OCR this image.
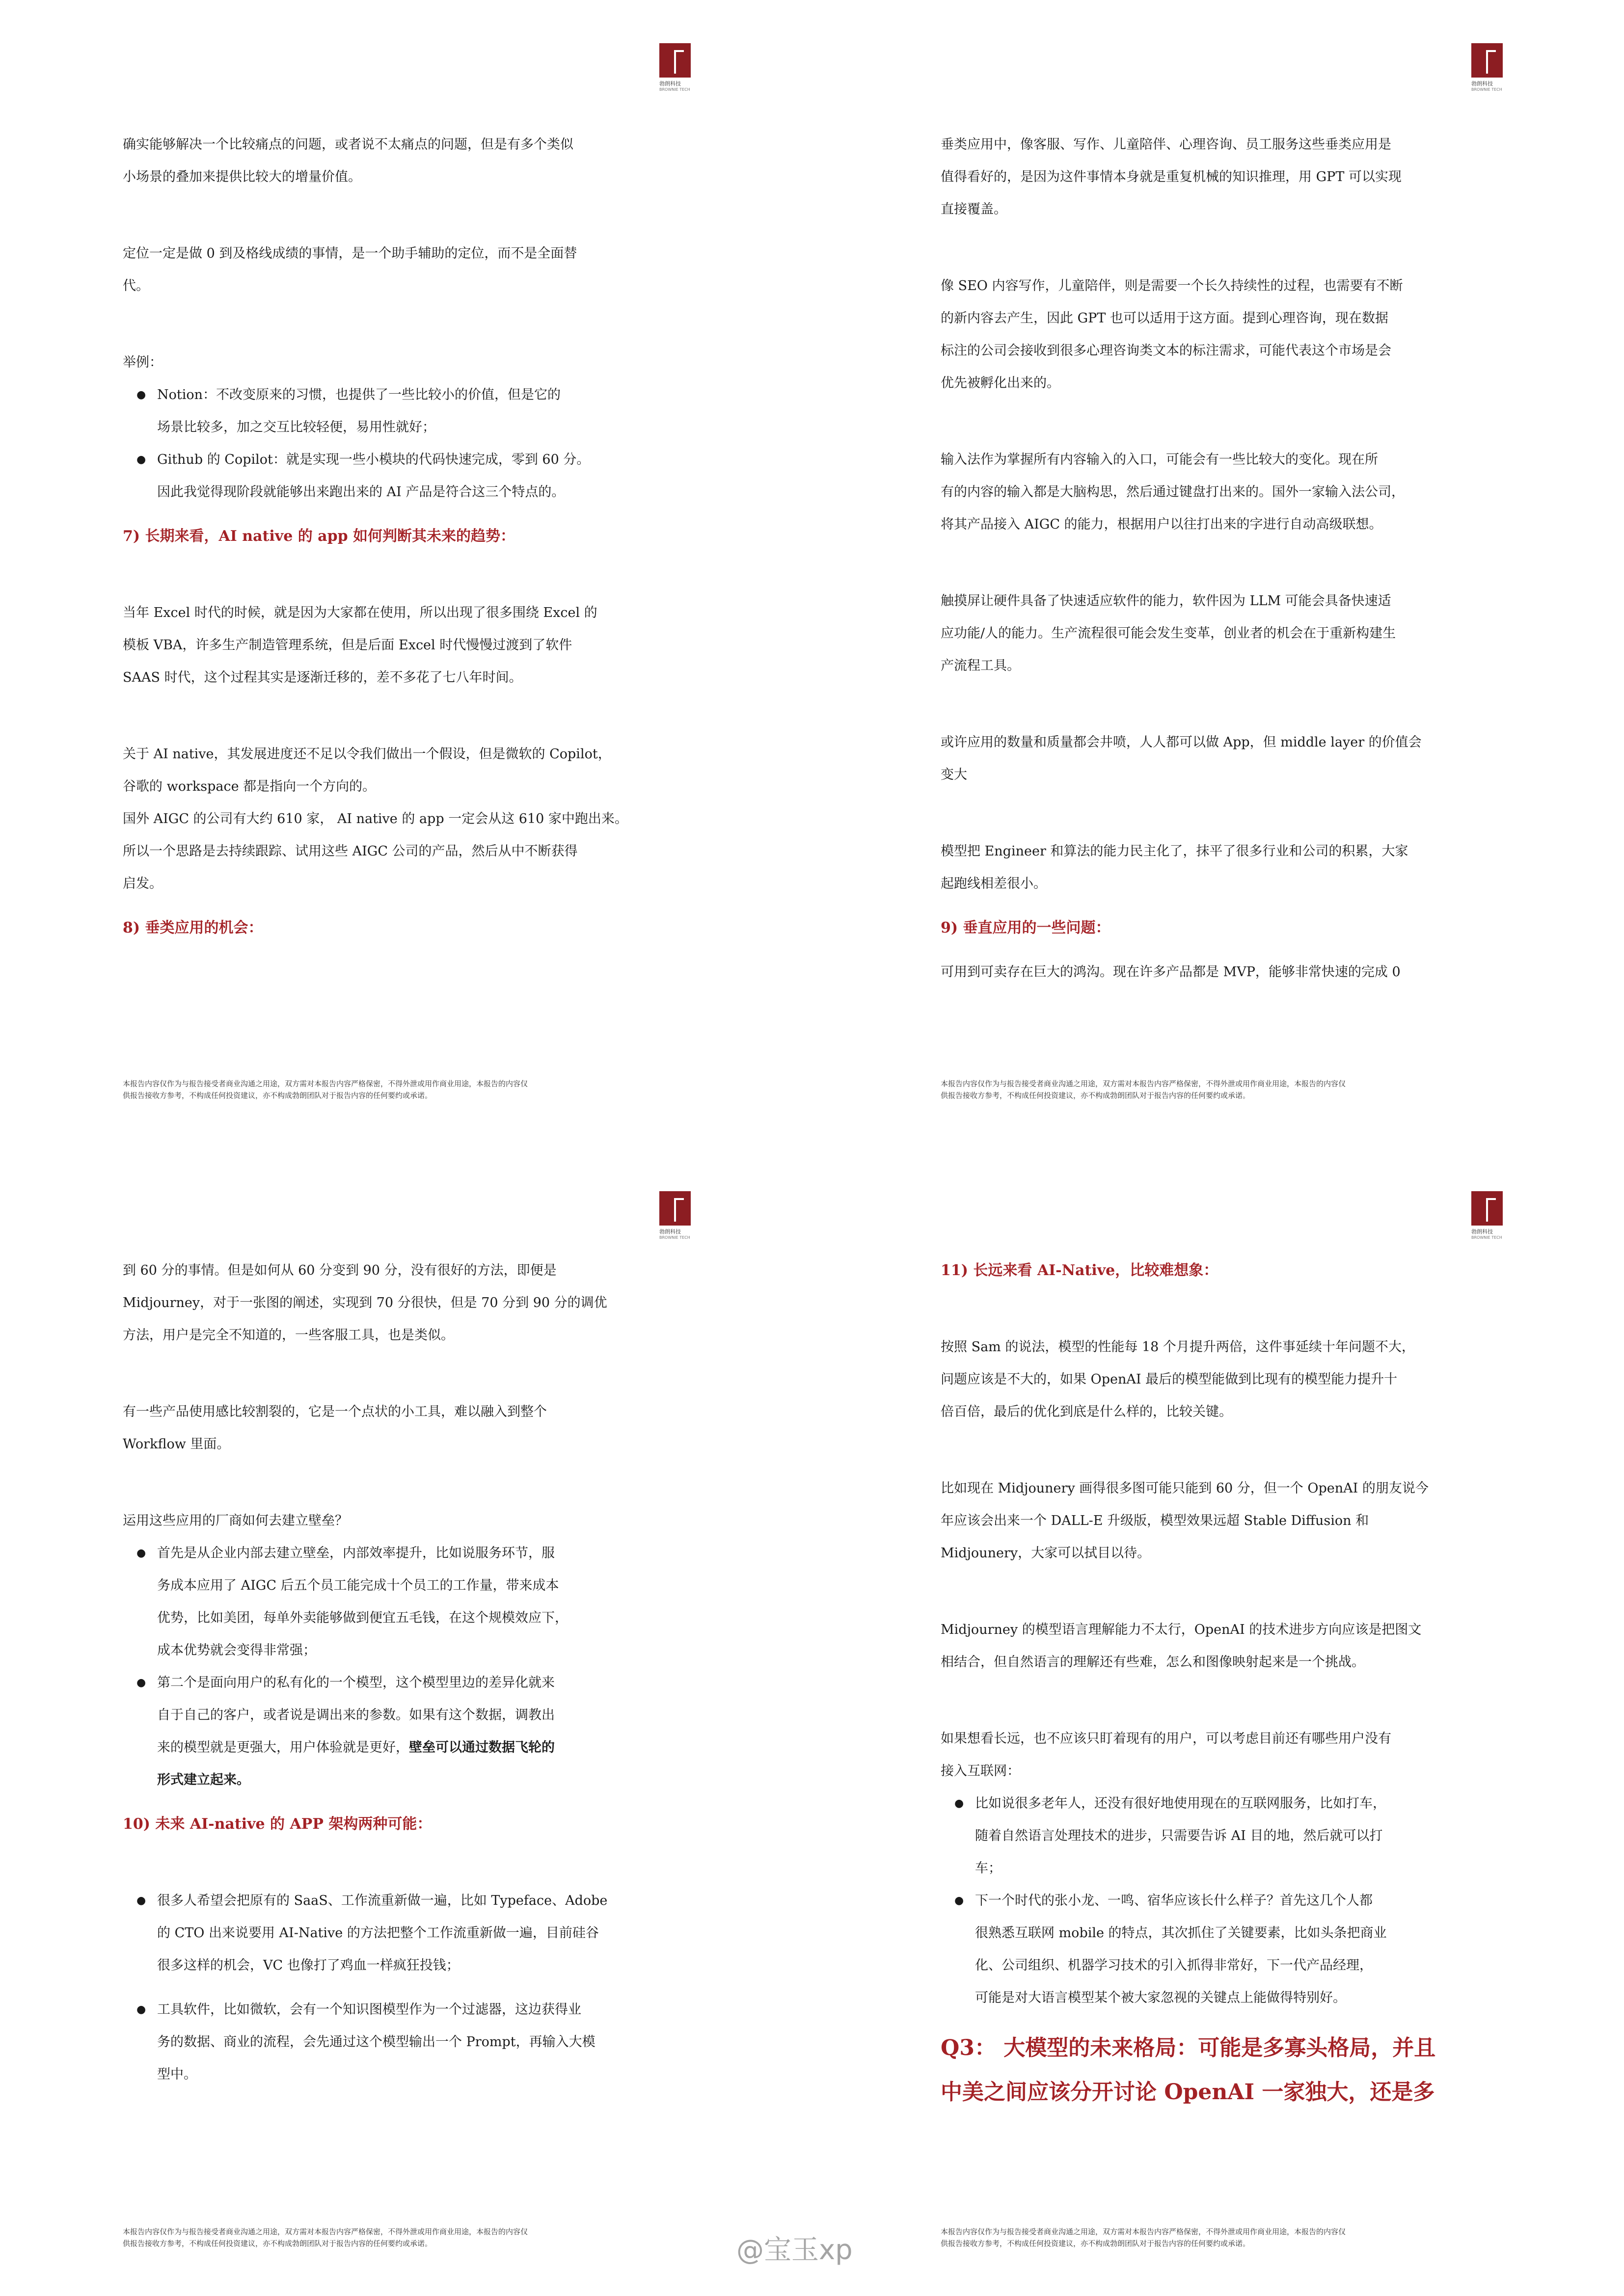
勃朗科技
BROWNIE TECH

确实能够解决一个比较痛点的问题，或者说不太痛点的问题，但是有多个类似

小场景的叠加来提供比较大的增量价值。

定位一定是做 0 到及格线成绩的事情，是一个助手辅助的定位，而不是全面替

代。

举例：

● Notion：不改变原来的习惯，也提供了一些比较小的价值，但是它的
场景比较多，加之交互比较轻便，易用性就好；
● Github 的 Copilot：就是实现一些小模块的代码快速完成，零到 60 分。
因此我觉得现阶段就能够出来跑出来的 AI 产品是符合这三个特点的。

7) 长期来看，AI native 的 app 如何判断其未来的趋势：

当年 Excel 时代的时候，就是因为大家都在使用，所以出现了很多围绕 Excel 的

模板 VBA，许多生产制造管理系统，但是后面 Excel 时代慢慢过渡到了软件

SAAS 时代，这个过程其实是逐渐迁移的，差不多花了七八年时间。

关于 AI native，其发展进度还不足以令我们做出一个假设，但是微软的 Copilot，

谷歌的 workspace 都是指向一个方向的。

国外 AIGC 的公司有大约 610 家， AI native 的 app 一定会从这 610 家中跑出来。

所以一个思路是去持续跟踪、试用这些 AIGC 公司的产品，然后从中不断获得

启发。

8) 垂类应用的机会：

本报告内容仅作为与报告接受者商业沟通之用途，双方需对本报告内容严格保密，不得外泄或用作商业用途，本报告的内容仅
供报告接收方参考，不构成任何投资建议，亦不构成勃朗团队对于报告内容的任何要约或承诺。
勃朗科技
BROWNIE TECH

垂类应用中，像客服、写作、儿童陪伴、心理咨询、员工服务这些垂类应用是

值得看好的，是因为这件事情本身就是重复机械的知识推理，用 GPT 可以实现

直接覆盖。

像 SEO 内容写作，儿童陪伴，则是需要一个长久持续性的过程，也需要有不断

的新内容去产生，因此 GPT 也可以适用于这方面。提到心理咨询，现在数据

标注的公司会接收到很多心理咨询类文本的标注需求，可能代表这个市场是会

优先被孵化出来的。

输入法作为掌握所有内容输入的入口，可能会有一些比较大的变化。现在所

有的内容的输入都是大脑构思，然后通过键盘打出来的。国外一家输入法公司，

将其产品接入 AIGC 的能力，根据用户以往打出来的字进行自动高级联想。

触摸屏让硬件具备了快速适应软件的能力，软件因为 LLM 可能会具备快速适

应功能/人的能力。生产流程很可能会发生变革，创业者的机会在于重新构建生

产流程工具。

或许应用的数量和质量都会井喷，人人都可以做 App，但 middle layer 的价值会

变大

模型把 Engineer 和算法的能力民主化了，抹平了很多行业和公司的积累，大家

起跑线相差很小。

9) 垂直应用的一些问题：

可用到可卖存在巨大的鸿沟。现在许多产品都是 MVP，能够非常快速的完成 0

本报告内容仅作为与报告接受者商业沟通之用途，双方需对本报告内容严格保密，不得外泄或用作商业用途，本报告的内容仅
供报告接收方参考，不构成任何投资建议，亦不构成勃朗团队对于报告内容的任何要约或承诺。
勃朗科技
BROWNIE TECH

到 60 分的事情。但是如何从 60 分变到 90 分，没有很好的方法，即便是

Midjourney，对于一张图的阐述，实现到 70 分很快，但是 70 分到 90 分的调优

方法，用户是完全不知道的，一些客服工具，也是类似。

有一些产品使用感比较割裂的，它是一个点状的小工具，难以融入到整个

Workflow 里面。

运用这些应用的厂商如何去建立壁垒？

● 首先是从企业内部去建立壁垒，内部效率提升，比如说服务环节，服
务成本应用了 AIGC 后五个员工能完成十个员工的工作量，带来成本
优势，比如美团，每单外卖能够做到便宜五毛钱，在这个规模效应下，
成本优势就会变得非常强；
● 第二个是面向用户的私有化的一个模型，这个模型里边的差异化就来
自于自己的客户，或者说是调出来的参数。如果有这个数据，调教出
来的模型就是更强大，用户体验就是更好，壁垒可以通过数据飞轮的
形式建立起来。

10) 未来 AI-native 的 APP 架构两种可能：

● 很多人希望会把原有的 SaaS、工作流重新做一遍，比如 Typeface、Adobe
的 CTO 出来说要用 AI-Native 的方法把整个工作流重新做一遍，目前硅谷
很多这样的机会，VC 也像打了鸡血一样疯狂投钱；
● 工具软件，比如微软，会有一个知识图模型作为一个过滤器，这边获得业
务的数据、商业的流程，会先通过这个模型输出一个 Prompt，再输入大模
型中。
本报告内容仅作为与报告接受者商业沟通之用途，双方需对本报告内容严格保密，不得外泄或用作商业用途，本报告的内容仅
供报告接收方参考，不构成任何投资建议，亦不构成勃朗团队对于报告内容的任何要约或承诺。
勃朗科技
BROWNIE TECH

11) 长远来看 AI-Native，比较难想象：

按照 Sam 的说法，模型的性能每 18 个月提升两倍，这件事延续十年问题不大，

问题应该是不大的，如果 OpenAI 最后的模型能做到比现有的模型能力提升十

倍百倍，最后的优化到底是什么样的，比较关键。

比如现在 Midjounery 画得很多图可能只能到 60 分，但一个 OpenAI 的朋友说今

年应该会出来一个 DALL-E 升级版，模型效果远超 Stable Diffusion 和

Midjounery，大家可以拭目以待。

Midjourney 的模型语言理解能力不太行，OpenAI 的技术进步方向应该是把图文

相结合，但自然语言的理解还有些难，怎么和图像映射起来是一个挑战。

如果想看长远，也不应该只盯着现有的用户，可以考虑目前还有哪些用户没有

接入互联网：

● 比如说很多老年人，还没有很好地使用现在的互联网服务，比如打车，
随着自然语言处理技术的进步，只需要告诉 AI 目的地，然后就可以打
车；
● 下一个时代的张小龙、一鸣、宿华应该长什么样子？首先这几个人都
很熟悉互联网 mobile 的特点，其次抓住了关键要素，比如头条把商业
化、公司组织、机器学习技术的引入抓得非常好，下一代产品经理，
可能是对大语言模型某个被大家忽视的关键点上能做得特别好。
Q3： 大模型的未来格局：可能是多寡头格局，并且
中美之间应该分开讨论 OpenAI 一家独大，还是多
本报告内容仅作为与报告接受者商业沟通之用途，双方需对本报告内容严格保密，不得外泄或用作商业用途，本报告的内容仅
供报告接收方参考，不构成任何投资建议，亦不构成勃朗团队对于报告内容的任何要约或承诺。
@宝玉xp
